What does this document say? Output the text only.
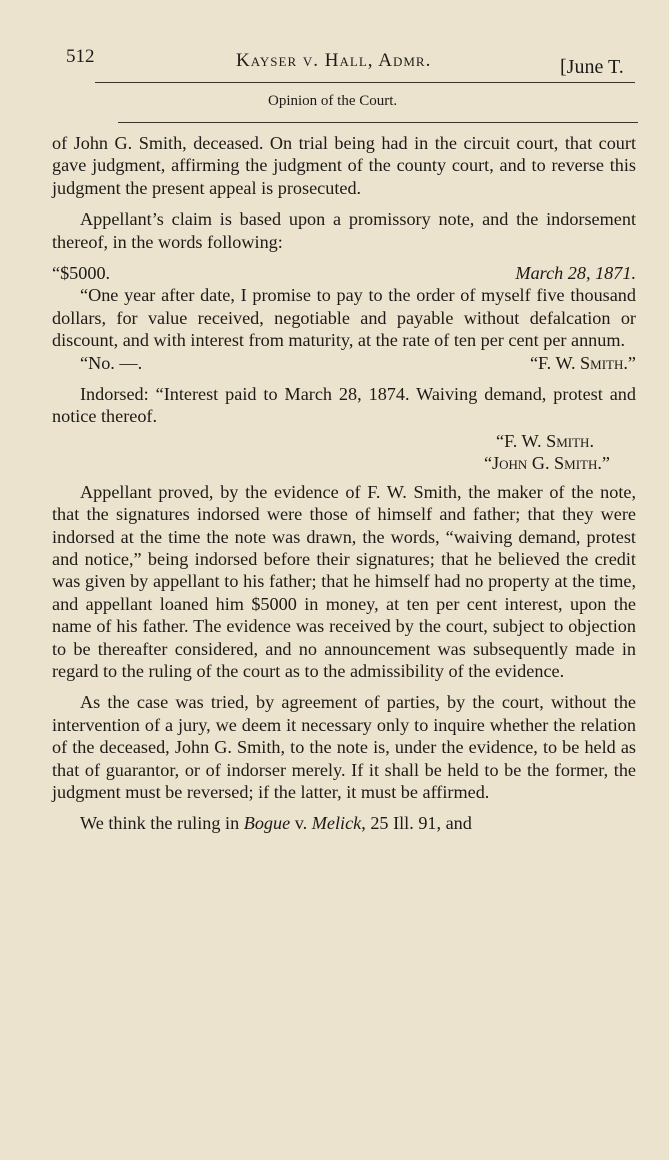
512	Kayser v. Hall, Admr.	[June T.
Opinion of the Court.

of John G. Smith, deceased. On trial being had in the circuit court, that court gave judgment, affirming the judgment of the county court, and to reverse this judgment the present appeal is prosecuted.

Appellant’s claim is based upon a promissory note, and the indorsement thereof, in the words following:

“$5000.	March 28, 1871.

“One year after date, I promise to pay to the order of myself five thousand dollars, for value received, negotiable and payable without defalcation or discount, and with interest from maturity, at the rate of ten per cent per annum.

“No. —.	“F. W. Smith.”

Indorsed: “Interest paid to March 28, 1874. Waiving demand, protest and notice thereof.

“F. W. Smith.

“John G. Smith.”

Appellant proved, by the evidence of F. W. Smith, the maker of the note, that the signatures indorsed were those of himself and father; that they were indorsed at the time the note was drawn, the words, “waiving demand, protest and notice,” being indorsed before their signatures; that he believed the credit was given by appellant to his father; that he himself had no property at the time, and appellant loaned him $5000 in money, at ten per cent interest, upon the name of his father. The evidence was received by the court, subject to objection to be thereafter considered, and no announcement was subsequently made in regard to the ruling of the court as to the admissibility of the evidence.

As the case was tried, by agreement of parties, by the court, without the intervention of a jury, we deem it necessary only to inquire whether the relation of the deceased, John G. Smith, to the note is, under the evidence, to be held as that of guarantor, or of indorser merely. If it shall be held to be the former, the judgment must be reversed; if the latter, it must be affirmed.

We think the ruling in Bogue v. Melick, 25 Ill. 91, and
